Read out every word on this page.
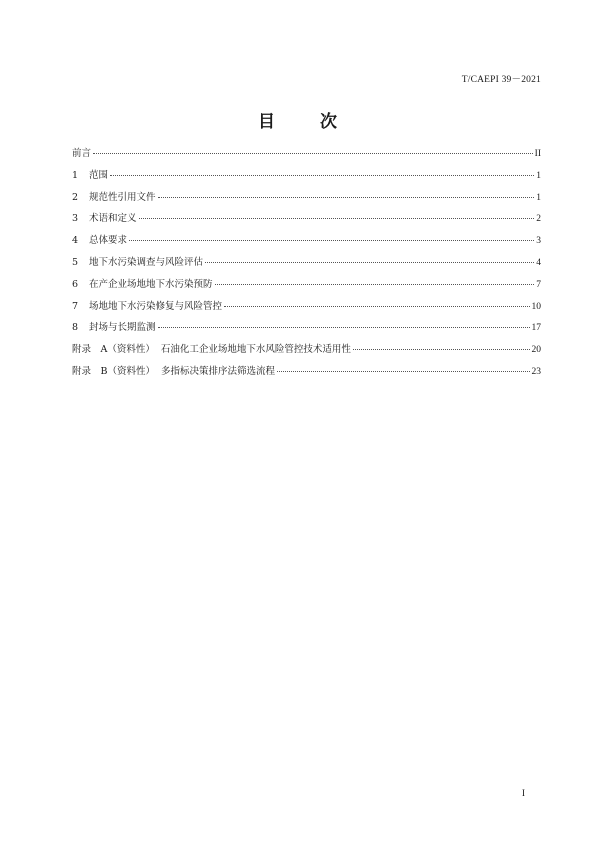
T/CAEPI 39－2021
目　次
前言	II
1	范围	1
2	规范性引用文件	1
3	术语和定义	2
4	总体要求	3
5	地下水污染调查与风险评估	4
6	在产企业场地地下水污染预防	7
7	场地地下水污染修复与风险管控	10
8	封场与长期监测	17
附录　A（资料性） 石油化工企业场地地下水风险管控技术适用性	20
附录　B（资料性） 多指标决策排序法筛选流程	23
I
